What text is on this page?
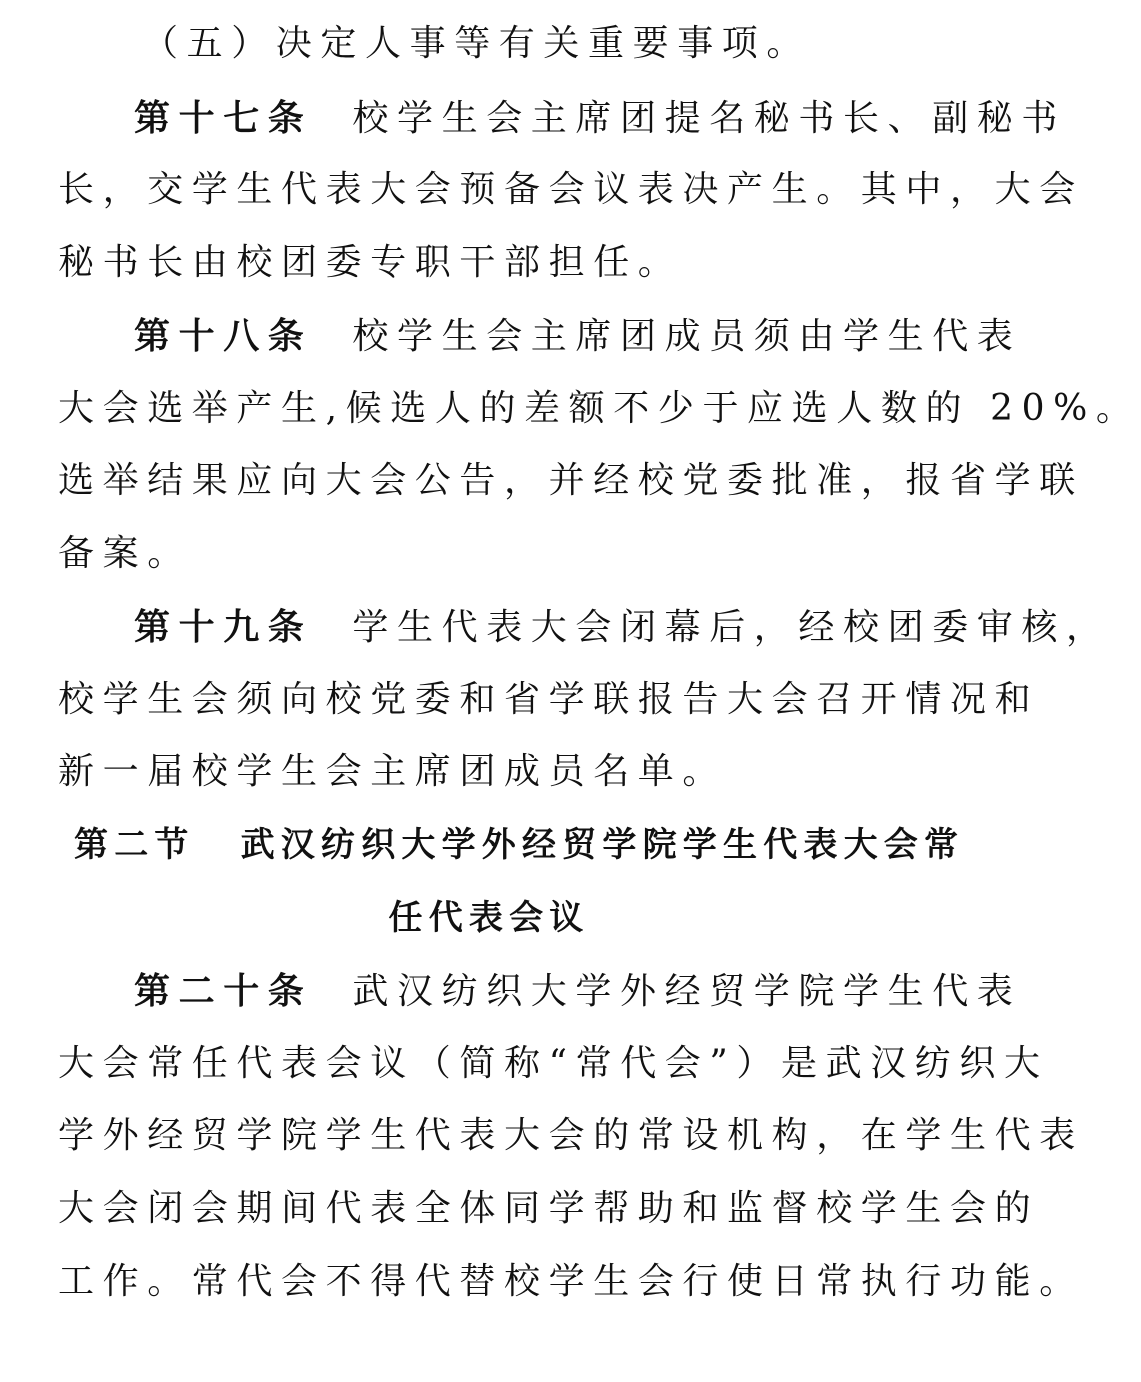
（五）决定人事等有关重要事项。
第十七条 校学生会主席团提名秘书长、副秘书
长，交学生代表大会预备会议表决产生。其中，大会
秘书长由校团委专职干部担任。
第十八条 校学生会主席团成员须由学生代表
大会选举产生,候选人的差额不少于应选人数的 20%。
选举结果应向大会公告，并经校党委批准，报省学联
备案。
第十九条 学生代表大会闭幕后，经校团委审核，
校学生会须向校党委和省学联报告大会召开情况和
新一届校学生会主席团成员名单。
第二节 武汉纺织大学外经贸学院学生代表大会常
任代表会议
第二十条 武汉纺织大学外经贸学院学生代表
大会常任代表会议（简称“常代会”）是武汉纺织大
学外经贸学院学生代表大会的常设机构，在学生代表
大会闭会期间代表全体同学帮助和监督校学生会的
工作。常代会不得代替校学生会行使日常执行功能。
